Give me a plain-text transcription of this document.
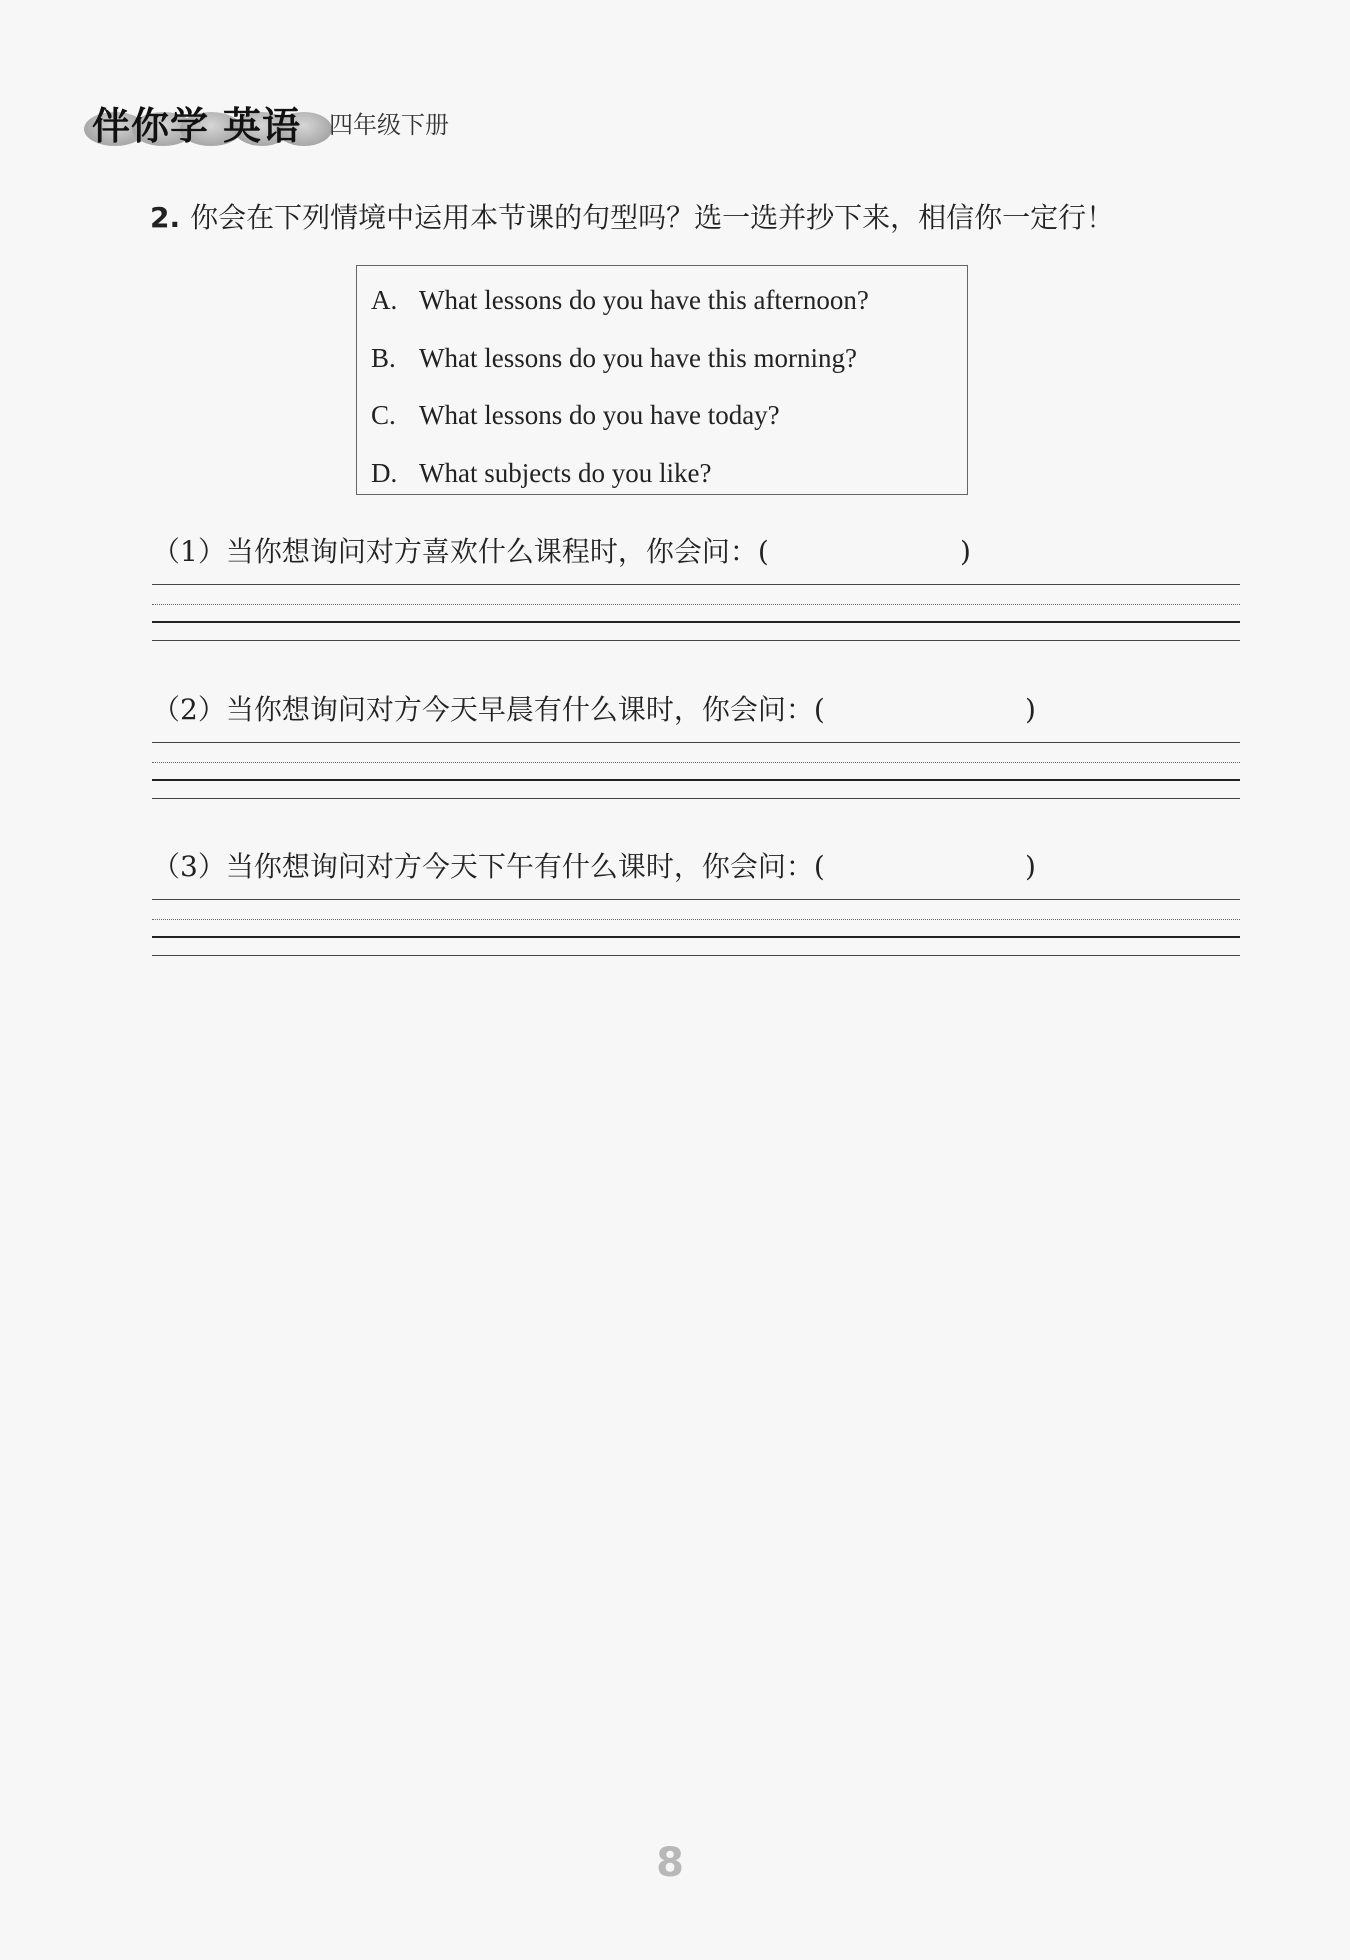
伴你学 英语 四年级下册
2. 你会在下列情境中运用本节课的句型吗？选一选并抄下来，相信你一定行！
A. What lessons do you have this afternoon?
B. What lessons do you have this morning?
C. What lessons do you have today?
D. What subjects do you like?
（1）当你想询问对方喜欢什么课程时，你会问：(	)
（2）当你想询问对方今天早晨有什么课时，你会问：(	)
（3）当你想询问对方今天下午有什么课时，你会问：(	)
8
